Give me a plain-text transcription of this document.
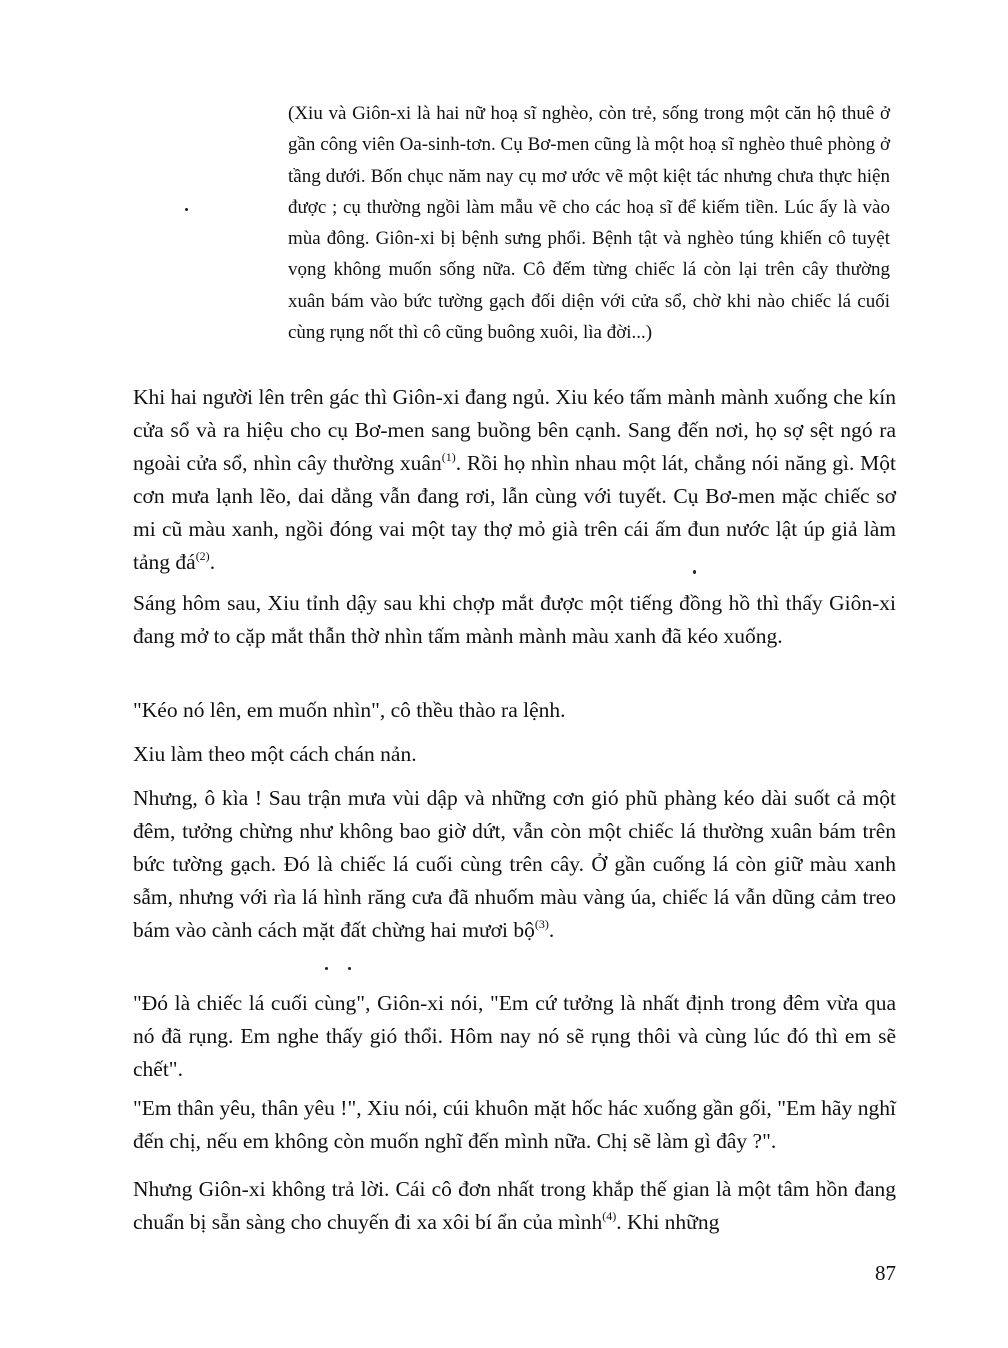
(Xiu và Giôn-xi là hai nữ hoạ sĩ nghèo, còn trẻ, sống trong một căn hộ thuê ở gần công viên Oa-sinh-tơn. Cụ Bơ-men cũng là một hoạ sĩ nghèo thuê phòng ở tầng dưới. Bốn chục năm nay cụ mơ ước vẽ một kiệt tác nhưng chưa thực hiện được ; cụ thường ngồi làm mẫu vẽ cho các hoạ sĩ để kiếm tiền. Lúc ấy là vào mùa đông. Giôn-xi bị bệnh sưng phổi. Bệnh tật và nghèo túng khiến cô tuyệt vọng không muốn sống nữa. Cô đếm từng chiếc lá còn lại trên cây thường xuân bám vào bức tường gạch đối diện với cửa sổ, chờ khi nào chiếc lá cuối cùng rụng nốt thì cô cũng buông xuôi, lìa đời...)
Khi hai người lên trên gác thì Giôn-xi đang ngủ. Xiu kéo tấm mành mành xuống che kín cửa sổ và ra hiệu cho cụ Bơ-men sang buồng bên cạnh. Sang đến nơi, họ sợ sệt ngó ra ngoài cửa sổ, nhìn cây thường xuân$^{(1)}$. Rồi họ nhìn nhau một lát, chẳng nói năng gì. Một cơn mưa lạnh lẽo, dai dẳng vẫn đang rơi, lẫn cùng với tuyết. Cụ Bơ-men mặc chiếc sơ mi cũ màu xanh, ngồi đóng vai một tay thợ mỏ già trên cái ấm đun nước lật úp giả làm tảng $đá^{(2)}$.
Sáng hôm sau, Xiu tỉnh dậy sau khi chợp mắt được một tiếng đồng hồ thì thấy Giôn-xi đang mở to cặp mắt thẫn thờ nhìn tấm mành mành màu xanh đã kéo xuống.
"Kéo nó lên, em muốn nhìn", cô thều thào ra lệnh.
Xiu làm theo một cách chán nản.
Nhưng, ô kìa ! Sau trận mưa vùi dập và những cơn gió phũ phàng kéo dài suốt cả một đêm, tưởng chừng như không bao giờ dứt, vẫn còn một chiếc lá thường xuân bám trên bức tường gạch. Đó là chiếc lá cuối cùng trên cây. Ở gần cuống lá còn giữ màu xanh sẫm, nhưng với rìa lá hình răng cưa đã nhuốm màu vàng úa, chiếc lá vẫn dũng cảm treo bám vào cành cách mặt đất chừng hai mươi bộ$^{(3)}$.
"Đó là chiếc lá cuối cùng", Giôn-xi nói, "Em cứ tưởng là nhất định trong đêm vừa qua nó đã rụng. Em nghe thấy gió thổi. Hôm nay nó sẽ rụng thôi và cùng lúc đó thì em sẽ chết".
"Em thân yêu, thân yêu !", Xiu nói, cúi khuôn mặt hốc hác xuống gần gối, "Em hãy nghĩ đến chị, nếu em không còn muốn nghĩ đến mình nữa. Chị sẽ làm gì đây ?".
Nhưng Giôn-xi không trả lời. Cái cô đơn nhất trong khắp thế gian là một tâm hồn đang chuẩn bị sẵn sàng cho chuyến đi xa xôi bí ẩn của mình$^{(4)}$. Khi những
87
